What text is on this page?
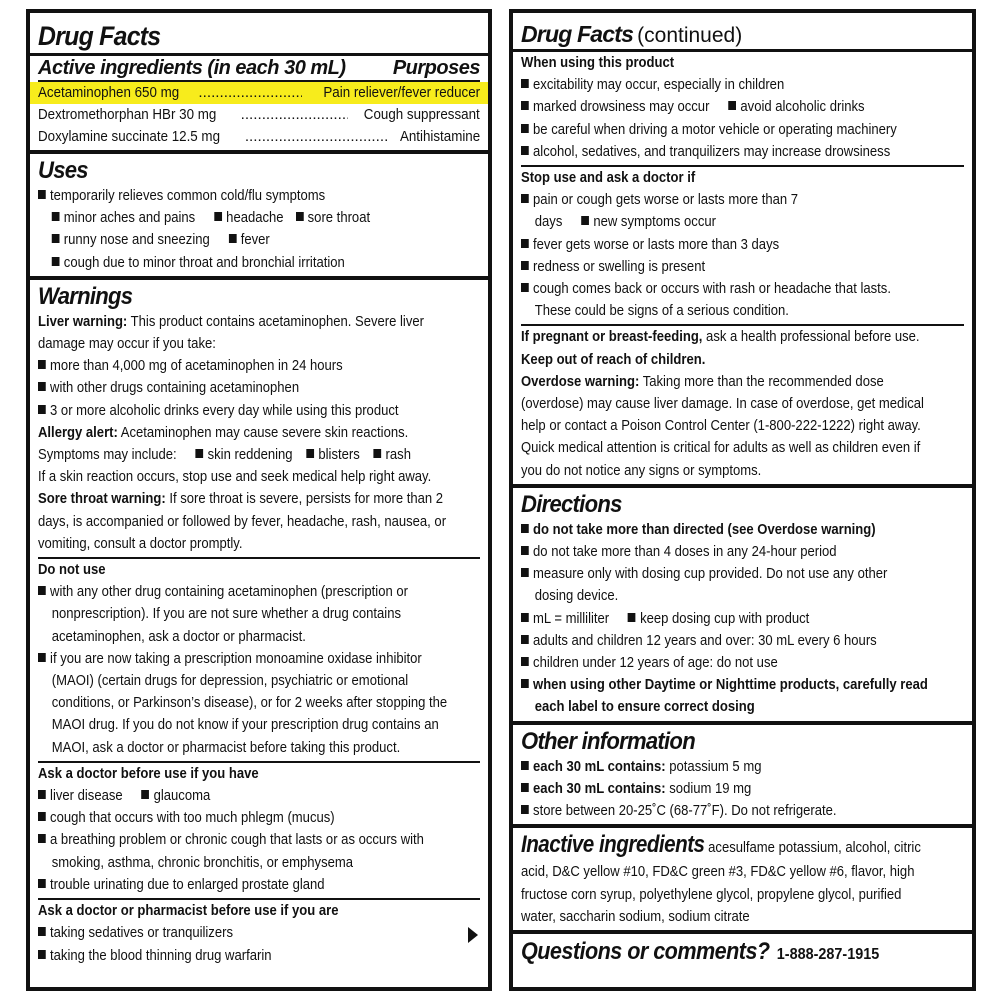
Drug Facts
Active ingredients (in each 30 mL) Purposes
Acetaminophen 650 mg .....	Pain reliever/fever reducer
Dextromethorphan HBr 30 mg .....	Cough suppressant
Doxylamine succinate 12.5 mg .....	Antihistamine
Uses
temporarily relieves common cold/flu symptoms
minor aches and pains headache sore throat
runny nose and sneezing fever
cough due to minor throat and bronchial irritation
Warnings
Liver warning: This product contains acetaminophen. Severe liver
damage may occur if you take:
more than 4,000 mg of acetaminophen in 24 hours
with other drugs containing acetaminophen
3 or more alcoholic drinks every day while using this product
Allergy alert: Acetaminophen may cause severe skin reactions.
Symptoms may include: skin reddening blisters rash
If a skin reaction occurs, stop use and seek medical help right away.
Sore throat warning: If sore throat is severe, persists for more than 2
days, is accompanied or followed by fever, headache, rash, nausea, or
vomiting, consult a doctor promptly.
Do not use
with any other drug containing acetaminophen (prescription or
nonprescription). If you are not sure whether a drug contains
acetaminophen, ask a doctor or pharmacist.
if you are now taking a prescription monoamine oxidase inhibitor
(MAOI) (certain drugs for depression, psychiatric or emotional
conditions, or Parkinson’s disease), or for 2 weeks after stopping the
MAOI drug. If you do not know if your prescription drug contains an
MAOI, ask a doctor or pharmacist before taking this product.
Ask a doctor before use if you have
liver disease glaucoma
cough that occurs with too much phlegm (mucus)
a breathing problem or chronic cough that lasts or as occurs with
smoking, asthma, chronic bronchitis, or emphysema
trouble urinating due to enlarged prostate gland
Ask a doctor or pharmacist before use if you are
taking sedatives or tranquilizers
taking the blood thinning drug warfarin
Drug Facts (continued)
When using this product
excitability may occur, especially in children
marked drowsiness may occur avoid alcoholic drinks
be careful when driving a motor vehicle or operating machinery
alcohol, sedatives, and tranquilizers may increase drowsiness
Stop use and ask a doctor if
pain or cough gets worse or lasts more than 7
days new symptoms occur
fever gets worse or lasts more than 3 days
redness or swelling is present
cough comes back or occurs with rash or headache that lasts.
These could be signs of a serious condition.
If pregnant or breast-feeding, ask a health professional before use.
Keep out of reach of children.
Overdose warning: Taking more than the recommended dose
(overdose) may cause liver damage. In case of overdose, get medical
help or contact a Poison Control Center (1-800-222-1222) right away.
Quick medical attention is critical for adults as well as children even if
you do not notice any signs or symptoms.
Directions
do not take more than directed (see Overdose warning)
do not take more than 4 doses in any 24-hour period
measure only with dosing cup provided. Do not use any other
dosing device.
mL = milliliter keep dosing cup with product
adults and children 12 years and over: 30 mL every 6 hours
children under 12 years of age: do not use
when using other Daytime or Nighttime products, carefully read
each label to ensure correct dosing
Other information
each 30 mL contains: potassium 5 mg
each 30 mL contains: sodium 19 mg
store between 20-25˚C (68-77˚F). Do not refrigerate.
Inactive ingredients acesulfame potassium, alcohol, citric
acid, D&C yellow #10, FD&C green #3, FD&C yellow #6, flavor, high
fructose corn syrup, polyethylene glycol, propylene glycol, purified
water, saccharin sodium, sodium citrate
Questions or comments? 1-888-287-1915
